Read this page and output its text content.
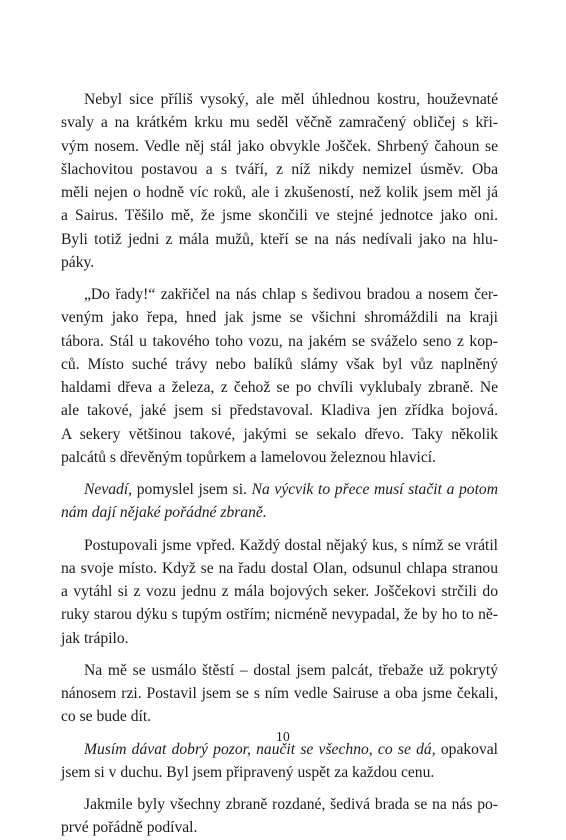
Nebyl sice příliš vysoký, ale měl úhlednou kostru, houževnaté
svaly a na krátkém krku mu seděl věčně zamračený obličej s kři-
vým nosem. Vedle něj stál jako obvykle Jošček. Shrbený čahoun se
šlachovitou postavou a s tváří, z níž nikdy nemizel úsměv. Oba
měli nejen o hodně víc roků, ale i zkušeností, než kolik jsem měl já
a Sairus. Těšilo mě, že jsme skončili ve stejné jednotce jako oni.
Byli totiž jedni z mála mužů, kteří se na nás nedívali jako na hlu-
páky.

„Do řady!“ zakřičel na nás chlap s šedivou bradou a nosem čer-
veným jako řepa, hned jak jsme se všichni shromáždili na kraji
tábora. Stál u takového toho vozu, na jakém se sváželo seno z kop-
ců. Místo suché trávy nebo balíků slámy však byl vůz naplněný
haldami dřeva a železa, z čehož se po chvíli vyklubaly zbraně. Ne
ale takové, jaké jsem si představoval. Kladiva jen zřídka bojová.
A sekery většinou takové, jakými se sekalo dřevo. Taky několik
palcátů s dřevěným topůrkem a lamelovou železnou hlavicí.

Nevadí, pomyslel jsem si. Na výcvik to přece musí stačit a potom
nám dají nějaké pořádné zbraně.

Postupovali jsme vpřed. Každý dostal nějaký kus, s nímž se vrátil
na svoje místo. Když se na řadu dostal Olan, odsunul chlapa stranou
a vytáhl si z vozu jednu z mála bojových seker. Joščekovi strčili do
ruky starou dýku s tupým ostřím; nicméně nevypadal, že by ho to ně-
jak trápilo.

Na mě se usmálo štěstí – dostal jsem palcát, třebaže už pokrytý
nánosem rzi. Postavil jsem se s ním vedle Sairuse a oba jsme čekali,
co se bude dít.

Musím dávat dobrý pozor, naučit se všechno, co se dá, opakoval
jsem si v duchu. Byl jsem připravený uspět za každou cenu.

Jakmile byly všechny zbraně rozdané, šedivá brada se na nás po-
prvé pořádně podíval.

10
